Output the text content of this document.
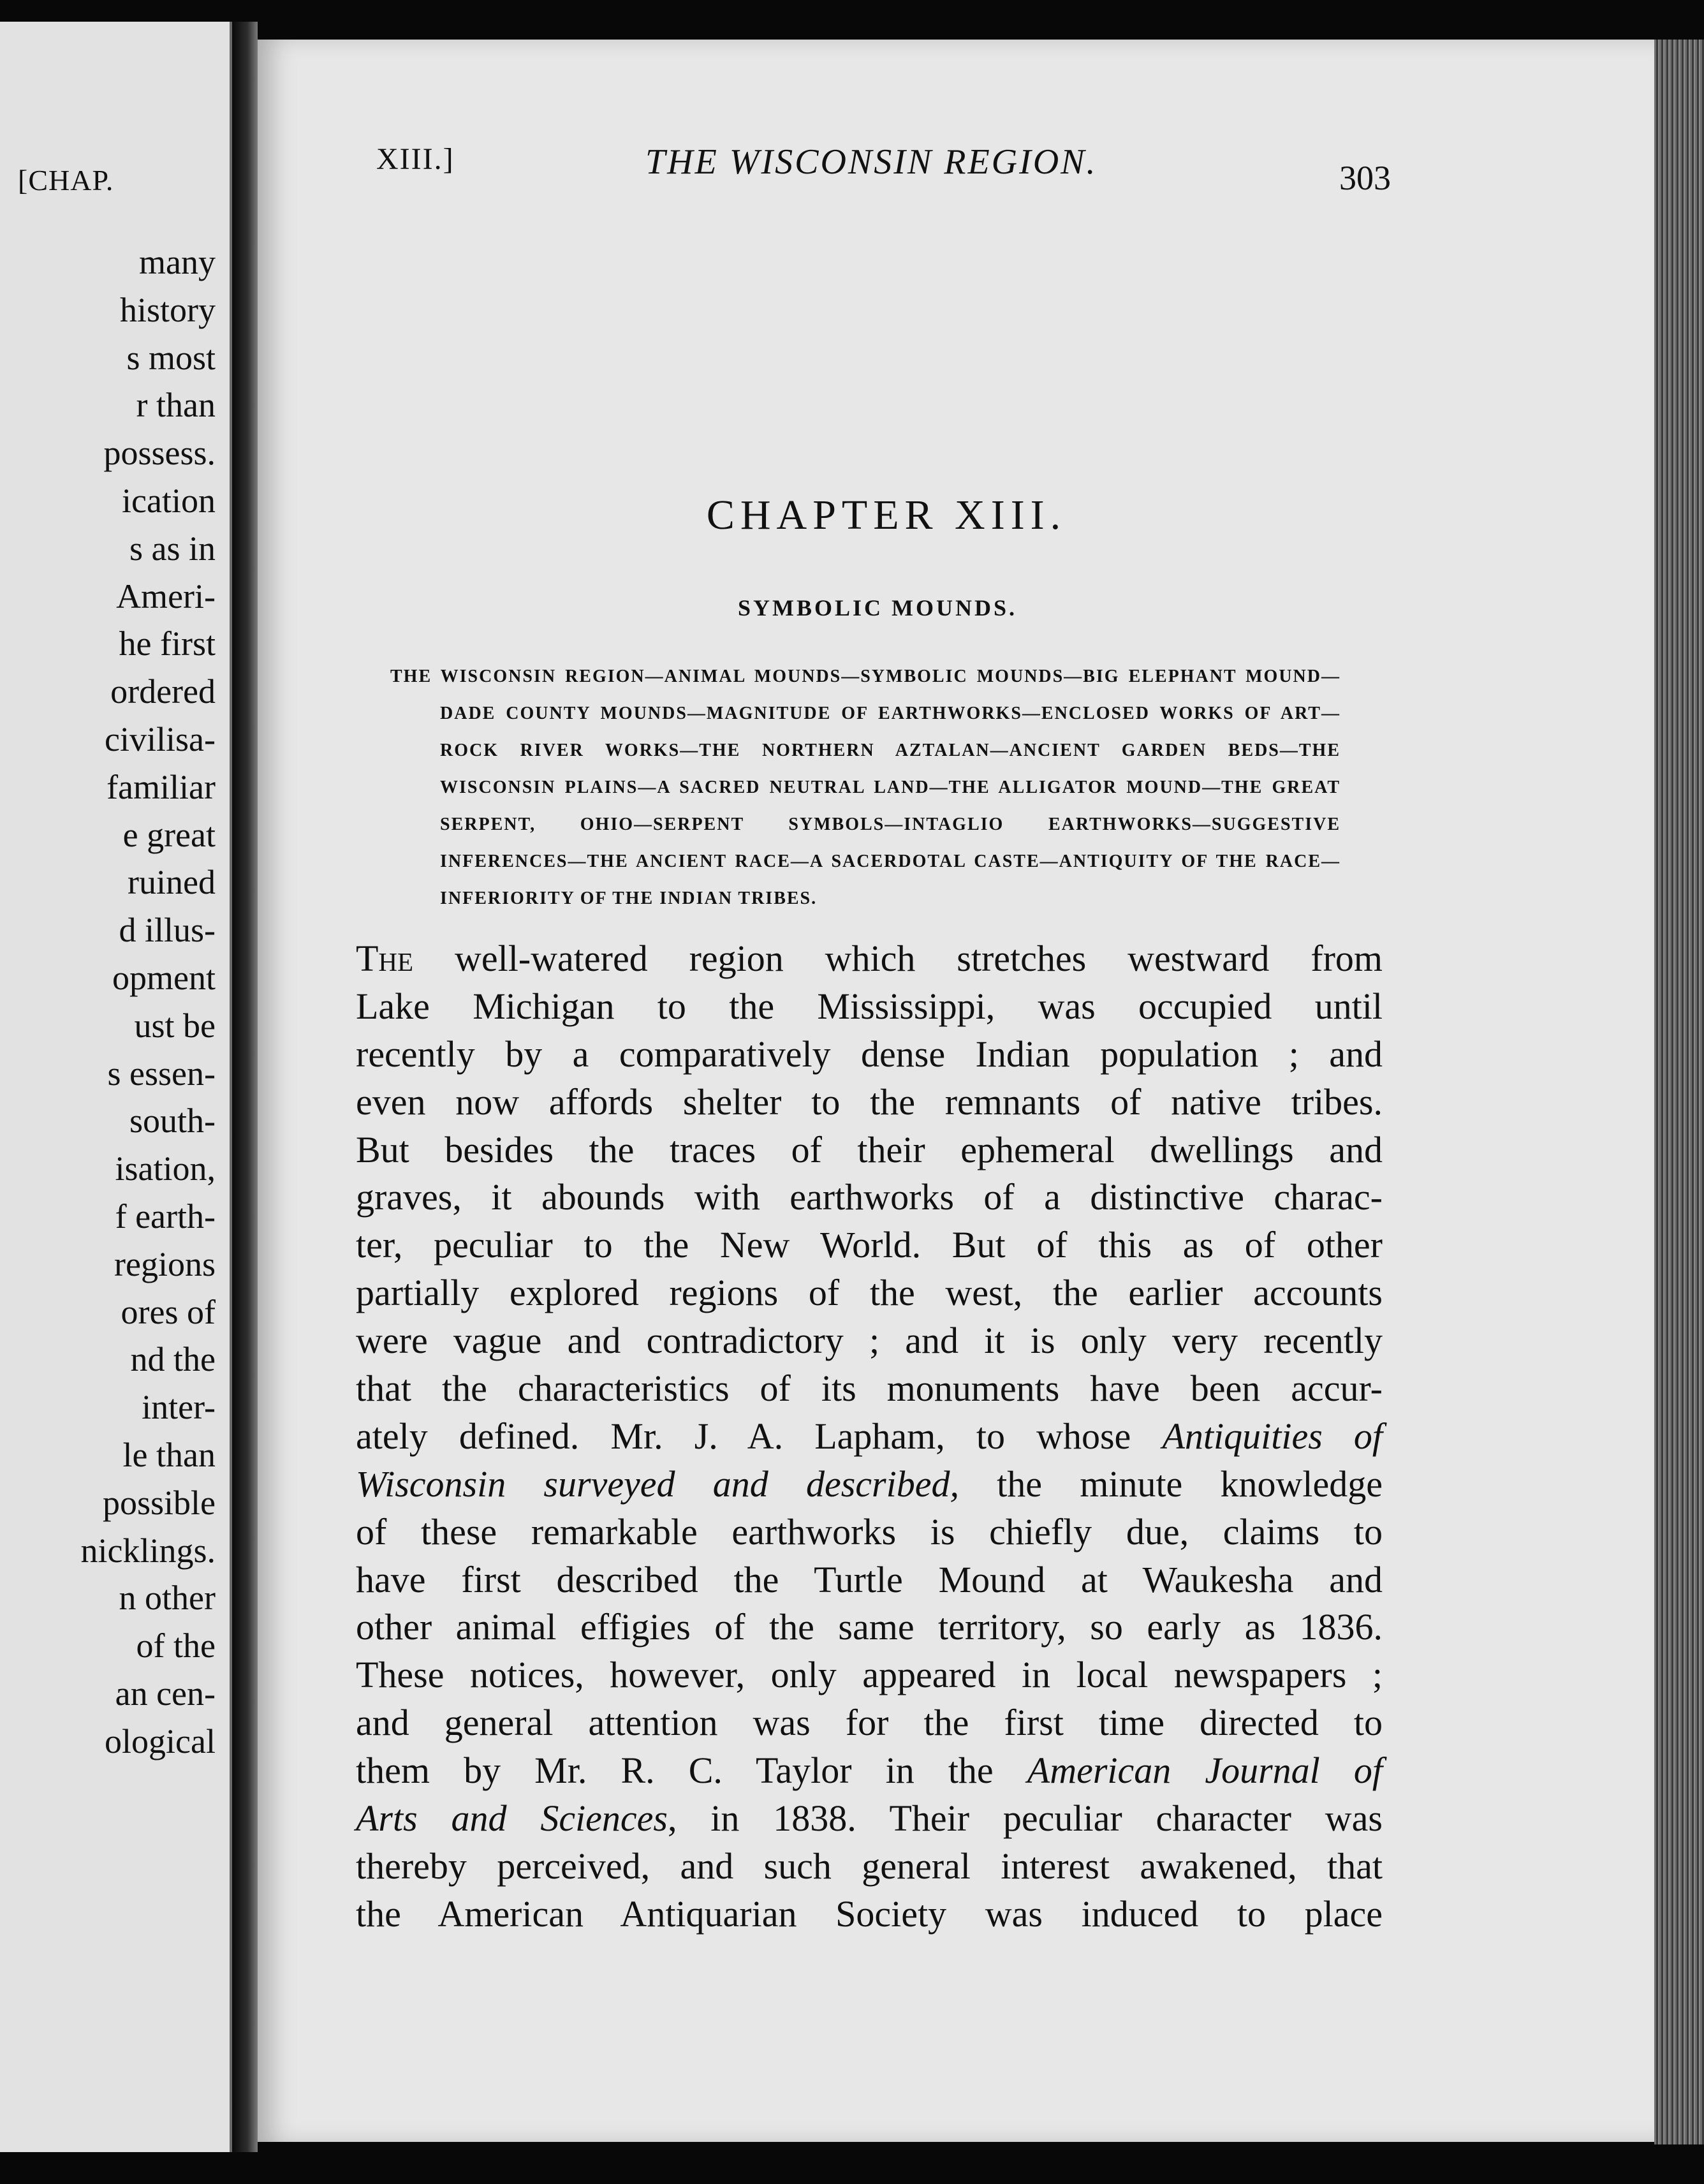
[CHAP.
many
history
s most
r than
possess.
ication
s as in
Ameri-
he first
ordered
civilisa-
familiar
e great
ruined
d illus-
opment
ust be
s essen-
south-
isation,
f earth-
regions
ores of
nd the
inter-
le than
possible
nicklings.
n other
of the
an cen-
ological
XIII.]	THE WISCONSIN REGION.	303
CHAPTER XIII.
SYMBOLIC MOUNDS.
THE WISCONSIN REGION—ANIMAL MOUNDS—SYMBOLIC MOUNDS—BIG ELEPHANT MOUND—DADE COUNTY MOUNDS—MAGNITUDE OF EARTHWORKS—ENCLOSED WORKS OF ART—ROCK RIVER WORKS—THE NORTHERN AZTALAN—ANCIENT GARDEN BEDS—THE WISCONSIN PLAINS—A SACRED NEUTRAL LAND—THE ALLIGATOR MOUND—THE GREAT SERPENT, OHIO—SERPENT SYMBOLS—INTAGLIO EARTHWORKS—SUGGESTIVE INFERENCES—THE ANCIENT RACE—A SACERDOTAL CASTE—ANTIQUITY OF THE RACE—INFERIORITY OF THE INDIAN TRIBES.
The well-watered region which stretches westward from
Lake Michigan to the Mississippi, was occupied until
recently by a comparatively dense Indian population ; and
even now affords shelter to the remnants of native tribes.
But besides the traces of their ephemeral dwellings and
graves, it abounds with earthworks of a distinctive charac-
ter, peculiar to the New World. But of this as of other
partially explored regions of the west, the earlier accounts
were vague and contradictory ; and it is only very recently
that the characteristics of its monuments have been accur-
ately defined. Mr. J. A. Lapham, to whose Antiquities of
Wisconsin surveyed and described, the minute knowledge
of these remarkable earthworks is chiefly due, claims to
have first described the Turtle Mound at Waukesha and
other animal effigies of the same territory, so early as 1836.
These notices, however, only appeared in local newspapers ;
and general attention was for the first time directed to
them by Mr. R. C. Taylor in the American Journal of
Arts and Sciences, in 1838. Their peculiar character was
thereby perceived, and such general interest awakened, that
the American Antiquarian Society was induced to place
